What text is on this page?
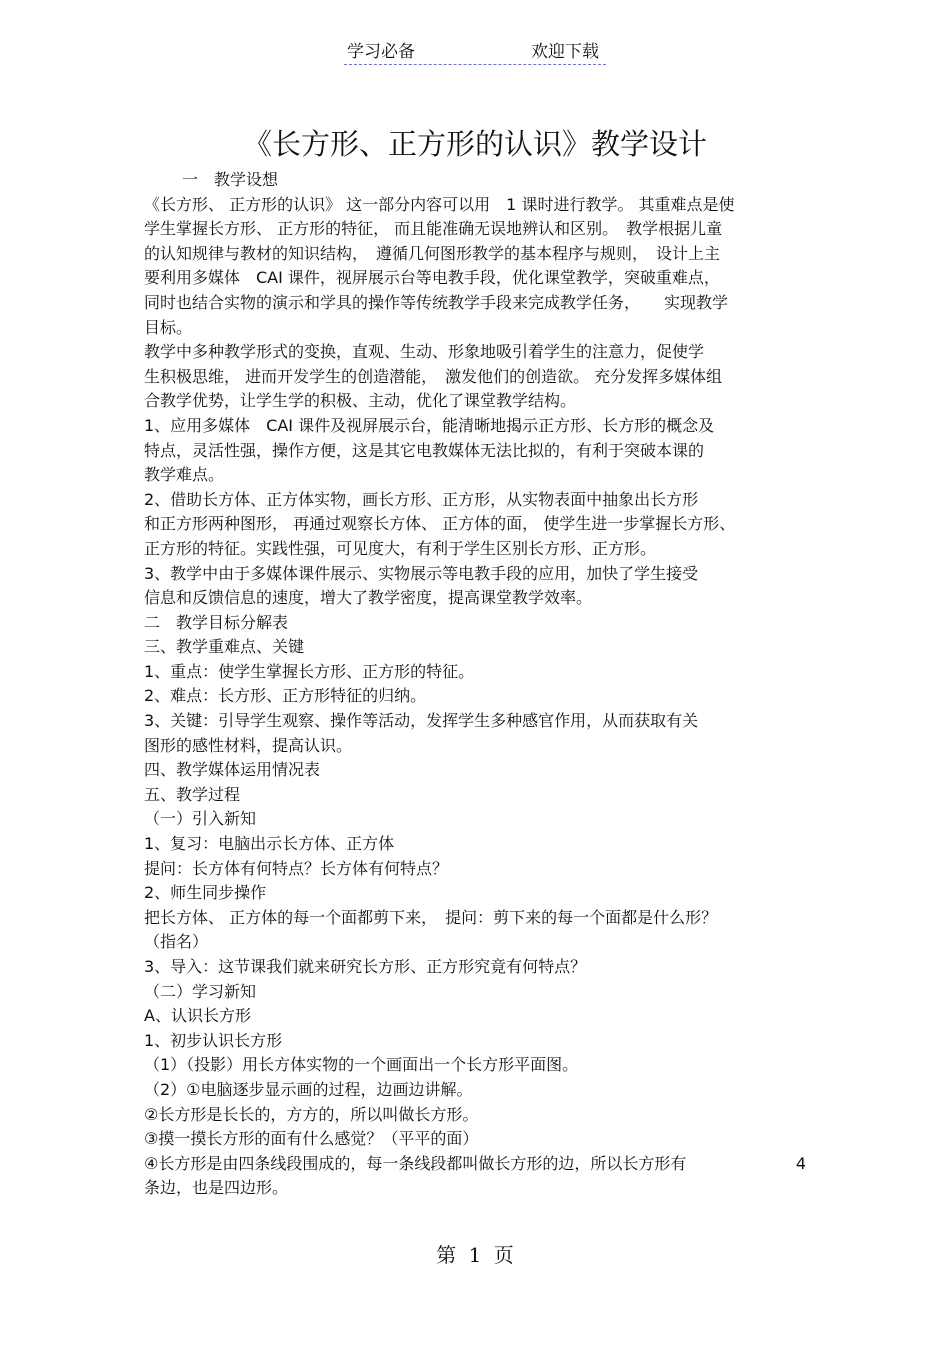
学习必备	欢迎下载
《长方形、正方形的认识》教学设计
一　教学设想
《长方形、 正方形的认识》 这一部分内容可以用　1 课时进行教学。 其重难点是使
学生掌握长方形、 正方形的特征， 而且能准确无误地辨认和区别。　教学根据儿童
的认知规律与教材的知识结构，　遵循几何图形教学的基本程序与规则，　设计上主
要利用多媒体　CAI 课件，视屏展示台等电教手段，优化课堂教学，突破重难点，
同时也结合实物的演示和学具的操作等传统教学手段来完成教学任务，　　实现教学
目标。
教学中多种教学形式的变换，直观、生动、形象地吸引着学生的注意力，促使学
生积极思维， 进而开发学生的创造潜能，　激发他们的创造欲。 充分发挥多媒体组
合教学优势，让学生学的积极、主动，优化了课堂教学结构。
1、应用多媒体　CAI 课件及视屏展示台，能清晰地揭示正方形、长方形的概念及
特点，灵活性强，操作方便，这是其它电教媒体无法比拟的，有利于突破本课的
教学难点。
2、借助长方体、正方体实物，画长方形、正方形，从实物表面中抽象出长方形
和正方形两种图形， 再通过观察长方体、 正方体的面， 使学生进一步掌握长方形、
正方形的特征。实践性强，可见度大，有利于学生区别长方形、正方形。
3、教学中由于多媒体课件展示、实物展示等电教手段的应用，加快了学生接受
信息和反馈信息的速度，增大了教学密度，提高课堂教学效率。
二　教学目标分解表
三、教学重难点、关键
1、重点：使学生掌握长方形、正方形的特征。
2、难点：长方形、正方形特征的归纳。
3、关键：引导学生观察、操作等活动，发挥学生多种感官作用，从而获取有关
图形的感性材料，提高认识。
四、教学媒体运用情况表
五、教学过程
（一）引入新知
1、复习：电脑出示长方体、正方体
提问：长方体有何特点？长方体有何特点？
2、师生同步操作
把长方体、 正方体的每一个面都剪下来，　提问：剪下来的每一个面都是什么形？
（指名）
3、导入：这节课我们就来研究长方形、正方形究竟有何特点？
（二）学习新知
A、认识长方形
1、初步认识长方形
（1）（投影）用长方体实物的一个画面出一个长方形平面图。
（2）①电脑逐步显示画的过程，边画边讲解。
②长方形是长长的，方方的，所以叫做长方形。
③摸一摸长方形的面有什么感觉？（平平的面）
④长方形是由四条线段围成的，每一条线段都叫做长方形的边，所以长方形有	4
条边，也是四边形。
第 1 页
